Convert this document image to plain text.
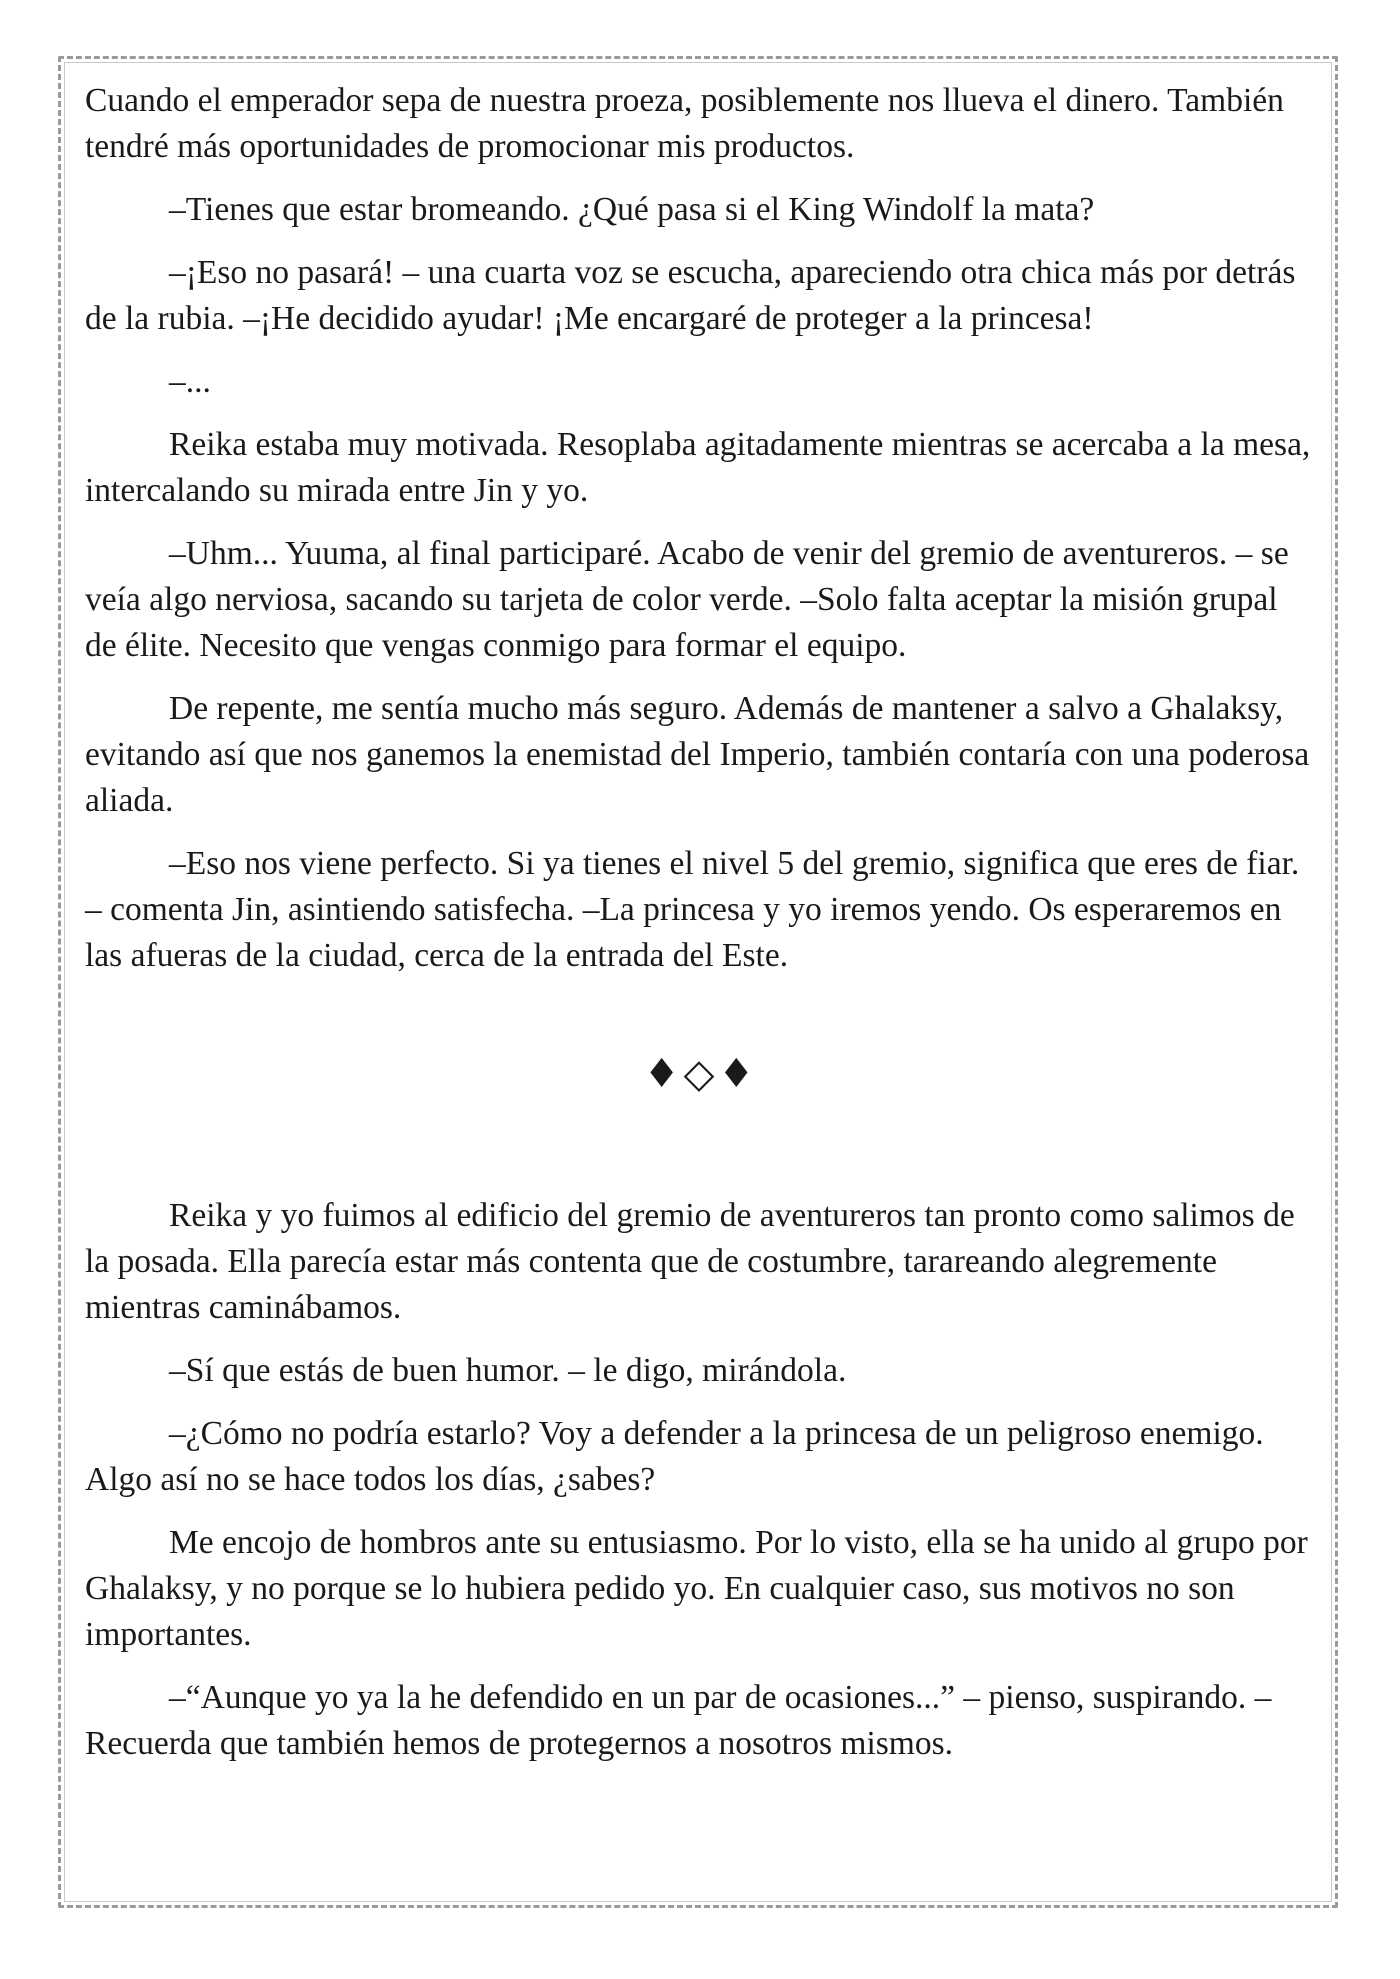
Cuando el emperador sepa de nuestra proeza, posiblemente nos llueva el dinero. También tendré más oportunidades de promocionar mis productos.

–Tienes que estar bromeando. ¿Qué pasa si el King Windolf la mata?

–¡Eso no pasará! – una cuarta voz se escucha, apareciendo otra chica más por detrás de la rubia. –¡He decidido ayudar! ¡Me encargaré de proteger a la princesa!

–...

Reika estaba muy motivada. Resoplaba agitadamente mientras se acercaba a la mesa, intercalando su mirada entre Jin y yo.

–Uhm... Yuuma, al final participaré. Acabo de venir del gremio de aventureros. – se veía algo nerviosa, sacando su tarjeta de color verde. –Solo falta aceptar la misión grupal de élite. Necesito que vengas conmigo para formar el equipo.

De repente, me sentía mucho más seguro. Además de mantener a salvo a Ghalaksy, evitando así que nos ganemos la enemistad del Imperio, también contaría con una poderosa aliada.

–Eso nos viene perfecto. Si ya tienes el nivel 5 del gremio, significa que eres de fiar. – comenta Jin, asintiendo satisfecha. –La princesa y yo iremos yendo. Os esperaremos en las afueras de la ciudad, cerca de la entrada del Este.

♦◇♦

Reika y yo fuimos al edificio del gremio de aventureros tan pronto como salimos de la posada. Ella parecía estar más contenta que de costumbre, tarareando alegremente mientras caminábamos.

–Sí que estás de buen humor. – le digo, mirándola.

–¿Cómo no podría estarlo? Voy a defender a la princesa de un peligroso enemigo. Algo así no se hace todos los días, ¿sabes?

Me encojo de hombros ante su entusiasmo. Por lo visto, ella se ha unido al grupo por Ghalaksy, y no porque se lo hubiera pedido yo. En cualquier caso, sus motivos no son importantes.

–“Aunque yo ya la he defendido en un par de ocasiones...” – pienso, suspirando. –Recuerda que también hemos de protegernos a nosotros mismos.
